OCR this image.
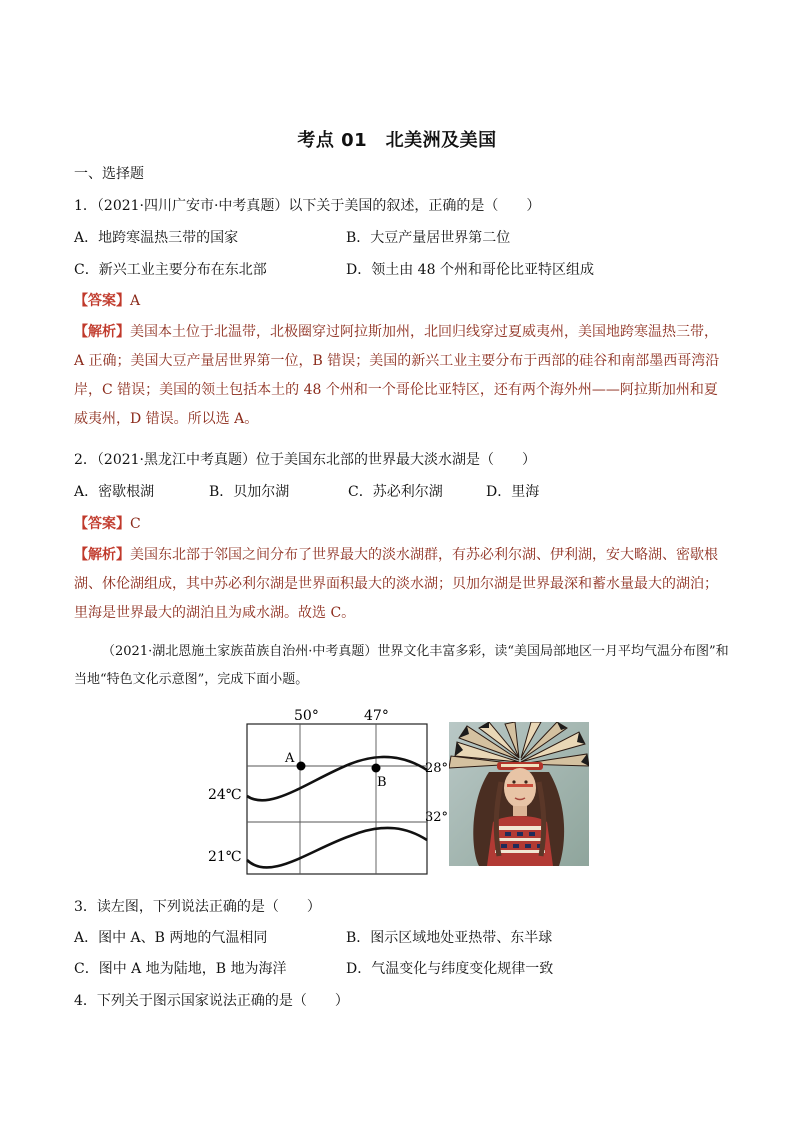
考点 01　北美洲及美国
一、选择题
1．（2021·四川广安市·中考真题）以下关于美国的叙述，正确的是（　　）
A．地跨寒温热三带的国家	B．大豆产量居世界第二位
C．新兴工业主要分布在东北部	D．领土由 48 个州和哥伦比亚特区组成
【答案】A
【解析】美国本土位于北温带，北极圈穿过阿拉斯加州，北回归线穿过夏威夷州，美国地跨寒温热三带，A 正确；美国大豆产量居世界第一位，B 错误；美国的新兴工业主要分布于西部的硅谷和南部墨西哥湾沿岸，C 错误；美国的领土包括本土的 48 个州和一个哥伦比亚特区，还有两个海外州——阿拉斯加州和夏威夷州，D 错误。所以选 A。
2．（2021·黑龙江中考真题）位于美国东北部的世界最大淡水湖是（　　）
A．密歇根湖	B．贝加尔湖	C．苏必利尔湖	D．里海
【答案】C
【解析】美国东北部于邻国之间分布了世界最大的淡水湖群，有苏必利尔湖、伊利湖，安大略湖、密歇根湖、休伦湖组成，其中苏必利尔湖是世界面积最大的淡水湖；贝加尔湖是世界最深和蓄水量最大的湖泊；里海是世界最大的湖泊且为咸水湖。故选 C。
（2021·湖北恩施土家族苗族自治州·中考真题）世界文化丰富多彩，读“美国局部地区一月平均气温分布图”和当地“特色文化示意图”，完成下面小题。
A
B
50°	47°
28°
32°
24℃
21℃
3．读左图，下列说法正确的是（　　）
A．图中 A、B 两地的气温相同	B．图示区域地处亚热带、东半球
C．图中 A 地为陆地，B 地为海洋	D．气温变化与纬度变化规律一致
4．下列关于图示国家说法正确的是（　　）
